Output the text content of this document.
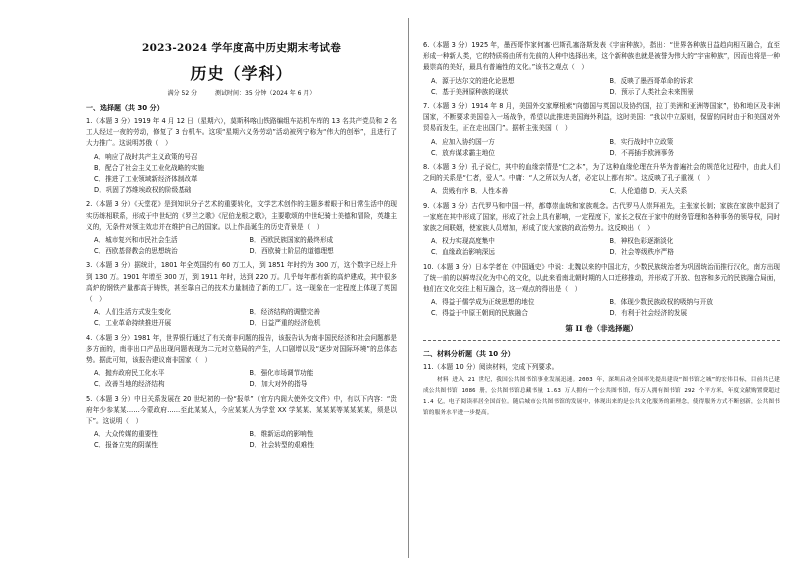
2023-2024 学年度高中历史期末考试卷
历史（学科）
满分 52 分	测试时间：35 分钟（2024 年 6 月）
一、选择题（共 30 分）
1.（本题 3 分）1919 年 4 月 12 日（星期六），莫斯科喀山铁路编组车站机车库的 13 名共产党员和 2 名工人经过一夜的劳动，修复了 3 台机车。这项“星期六义务劳动”活动被列宁称为“伟大的创举”，且进行了大力推广。这说明苏俄（　）
A．响应了战时共产主义政策的号召
B．配合了社会主义工业化战略的实施
C．推进了工业领域新经济体制改革
D．巩固了苏维埃政权的阶级基础
2.（本题 3 分）《天堂花》是到知识分子艺术的重要转化，文学艺术创作的主题多着眼于和日常生活中的现实历练相联系，形成于中世纪的《罗兰之歌》《尼伯龙根之歌》，主要歌颂的中世纪骑士美德和冒险，英雄主义的，无条件对领主效忠并在维护自己的国家。以上作品诞生的历史背景是（　）
A．城市复兴和市民社会生活	B．西欧民族国家的最终形成
C．西欧基督教会的思想统治	D．西欧骑士阶层的道德理想
3.（本题 3 分）据统计，1801 年全英国约有 60 万工人，到 1851 年时约为 300 万，这个数字已经上升到 130 万。1901 年增至 300 万，到 1911 年时，达到 220 万。几乎每年都有新的高炉建成，其中很多高炉的钢铁产量都高于铸铁，甚至靠自己的技术力量制造了新的工厂。这一现象在一定程度上体现了英国（　）
A．人们生活方式发生变化	B．经济结构的调整完善
C．工业革命持续推进开展	D．日益严重的经济危机
4.（本题 3 分）1981 年，世界银行通过了有关南非问题的报告，该报告认为南非国民经济和社会问题都是多方面的，南非出口产品出现问题表现为二元对立格局的产生，人口剧增以及“逐步对国际环境”的总体态势。据此可知，该报告建议南非国家（　）
A．抛弃政府民工化水平	B．强化市场调节功能
C．改善当地的经济结构	D．加大对外的指导
5.（本题 3 分）中日关系发展在 20 世纪初的一份“报单”（官方内阁大使外交文件）中，有以下内容：“贵府年少参某某……今蒙政府……至此某某人，今应某某人为学堂 XX 学某某、某某某等某某某某，须是以下”。这说明（　）
A．大众传媒的重要性	B．维新运动的影响性
C．报备立宪的阴谋性	D．社会转型的艰难性
6.（本题 3 分）1925 年，墨西哥作家何塞·巴斯孔塞洛斯发表《宇宙种族》，指出：“世界各种族日益趋向相互融合，直至形成一种新人类，它的特质将由所有先前的人种中选择出来，这个新种族也就是被誉为伟大的“宇宙种族”，因而也将是一种最崇高的美好，最具有普遍性的文化。”该书之观点（　）
A．源于达尔文的进化论思想	B．反映了墨西哥革命的诉求
C．基于美洲原种族的现状	D．预示了人类社会未来图景
7.（本题 3 分）1914 年 8 月，美国外交家摩根索“向德国与英国以及协约国，拉丁美洲和亚洲等国家”，协和地区及非洲国家，不断要求美国卷入一场战争，希望以此推进美国海外利益，这时美国：“我以中立原则，保留的同时由于和美国对外贸易而发生，正在走出国门”。据析主张美国（　）
A．应加入协约国一方	B．实行战时中立政策
C．放弃谋求霸主地位	D．不再插手欧洲事务
8.（本题 3 分）孔子说仁，其中的血缘亲情是“仁之本”，为了这种血缘伦理在升华为普遍社会的规范化过程中，由此人们之间的关系是“仁者，爱人”。中庸：“人之所以为人者，必定以上都有邦”。这反映了孔子重视（　）
A．贵贱有序 B．人性本善	C．人伦道德 D．天人关系
9.（本题 3 分）古代罗马和中国一样，都尊崇血统和家族观念。古代罗马人崇拜祖先，主张家长制；家族在家族中起到了一家庭在其中形成了国家，形成了社会上具有影响，一定程度下，家长之权在于家中的财务管理和各种事务的领导权，同时家族之间联姻，使家族人员增加，形成了庞大家族的政治势力。这反映出（　）
A．权力实现高度集中	B．神权色彩逐渐淡化
C．血缘政治影响深远	D．社会等级秩序严格
10.（本题 3 分）日本学者在《中国通史》中说：北魏以来的中国北方，少数民族统治者为巩固统治而推行汉化，南方出现了统一前的以鲜卑汉化为中心的文化，以此来看南北朝时期的人口迁移推动，并形成了开放、包容和多元的民族融合局面，他们在文化交往上相互融合，这一观点的得出是（　）
A．得益于儒学成为正统思想的地位	B．体现少数民族政权的吸纳与开放
C．得益于中原王朝间的民族融合	D．有利于社会经济的发展
第 II 卷（非选择题）
二、材料分析题（共 10 分）
11.（本题 10 分）阅读材料，完成下列要求。
材料 进入 21 世纪，我国公共图书馆事业发展迅速。2003 年，深圳启动全国率先提出建设“图书馆之城”的宏伟目标，目前共已建成公共图书馆 1086 册，公共图书馆总藏书量 1.63 万人拥有一个公共图书馆，每万人拥有图书馆 292 个平方米，年度文献购置费超过 1.4 亿，电子阅读率居全国首位。随后城市公共图书馆的发展中，体现出来的是公共文化服务的新理念，使得服务方式不断创新，公共图书馆的服务水平进一步提高。
